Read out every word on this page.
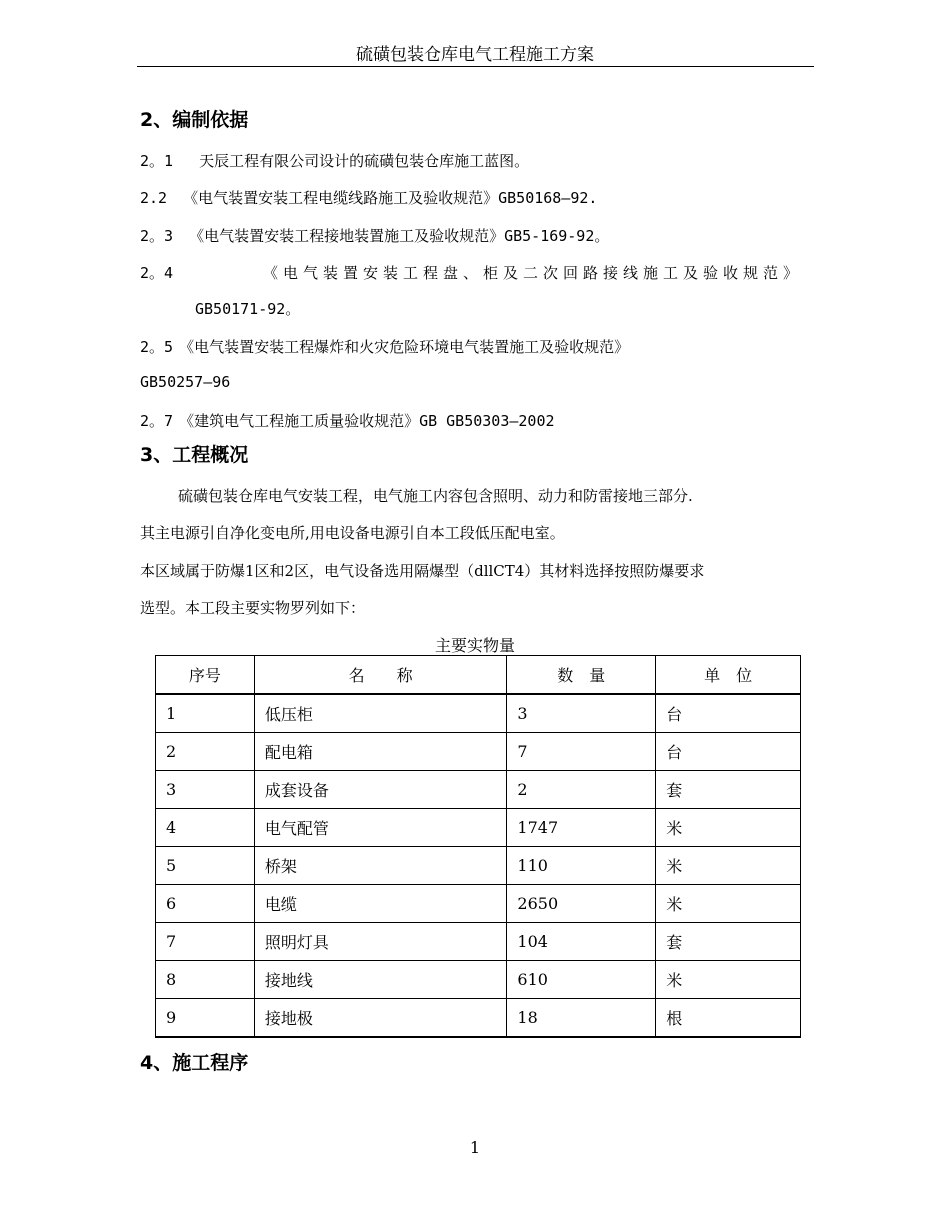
硫磺包装仓库电气工程施工方案
2、编制依据
2。1 天辰工程有限公司设计的硫磺包装仓库施工蓝图。
2.2 《电气装置安装工程电缆线路施工及验收规范》GB50168—92.
2。3 《电气装置安装工程接地装置施工及验收规范》GB5-169-92。
2。4	《电气装置安装工程盘、柜及二次回路接线施工及验收规范》
GB50171-92。
2。5 《电气装置安装工程爆炸和火灾危险环境电气装置施工及验收规范》
GB50257—96
2。7 《建筑电气工程施工质量验收规范》GB GB50303—2002
3、工程概况
硫磺包装仓库电气安装工程，电气施工内容包含照明、动力和防雷接地三部分.
其主电源引自净化变电所,用电设备电源引自本工段低压配电室。
本区域属于防爆1区和2区，电气设备选用隔爆型（dllCT4）其材料选择按照防爆要求
选型。本工段主要实物罗列如下：
主要实物量
序号	名　　称	数　量	单　位
1	低压柜	3	台
2	配电箱	7	台
3	成套设备	2	套
4	电气配管	1747	米
5	桥架	110	米
6	电缆	2650	米
7	照明灯具	104	套
8	接地线	610	米
9	接地极	18	根
4、施工程序
1
